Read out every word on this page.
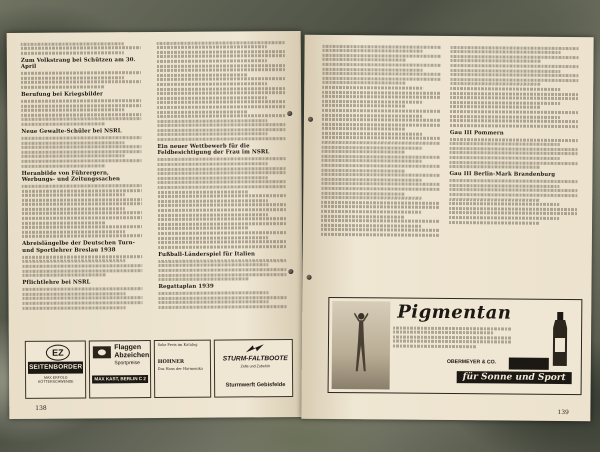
Zum Volkstrang bei Schützen am 30. April
Berufung bei Kriegsbilder
Neue Gewalte-Schüler bei NSRL
Heranbilde von Führergern, Werbungs- und Zeitungssachen
Abreislängelbe der Deutschen Turn- und Sportlehrer Breslau 1938
Pflichtlehre bei NSRL
Ein neuer Wettbewerb für die Feldbesichtigung der Frau im NSRL
Fußball-Länderspiel für Italien
Regattaplan 1939
EZ
SEITENBORDER
MAX ERFOLG KÖTTERSCHWENDE
Flaggen Abzeichen
Sportpreise
MAX KAST, BERLIN C 2
Sehr Preis im Katalog
HOHNER
Das Haus der Harmonika
STURM-FALTBOOTE
Zelte und Zubehör
Sturmwerft Gebisfelde
138
Gau III Pommern
Gau III Berlin-Mark Brandenburg
Pigmentan
OBERMEYER & CO.
für Sonne und Sport
139
